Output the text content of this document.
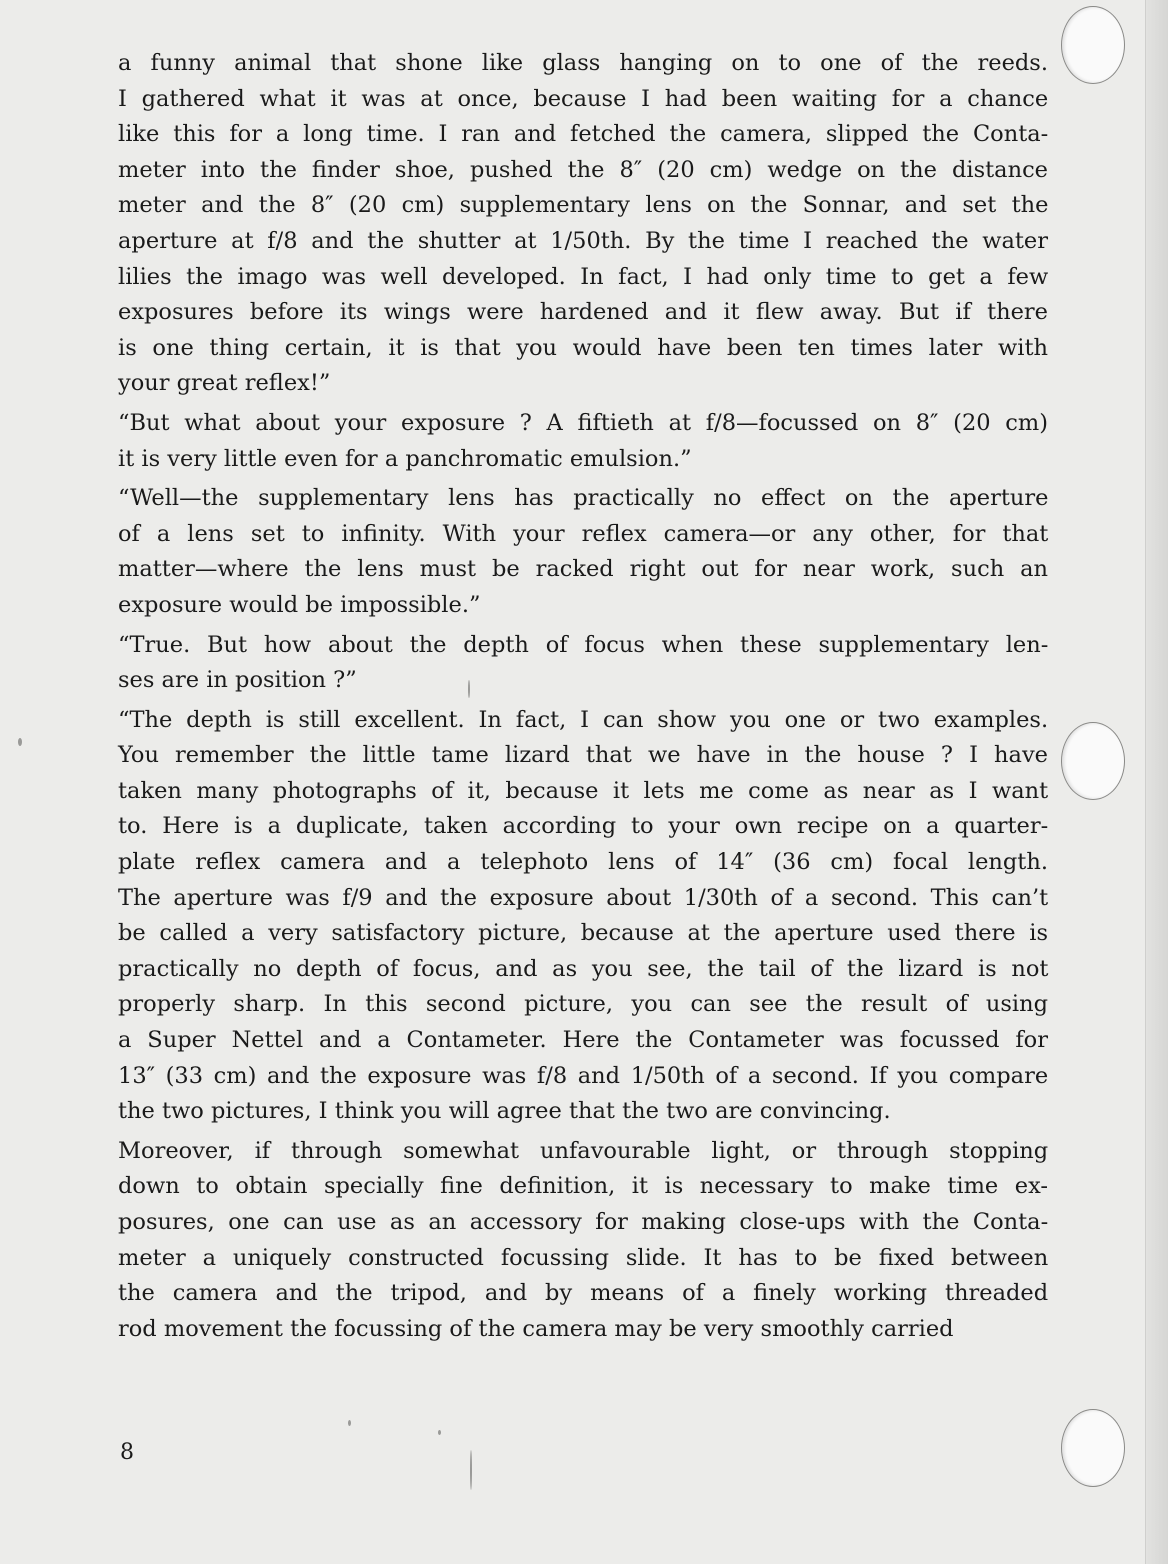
a funny animal that shone like glass hanging on to one of the reeds.
I gathered what it was at once, because I had been waiting for a chance
like this for a long time. I ran and fetched the camera, slipped the Conta-
meter into the finder shoe, pushed the 8″ (20 cm) wedge on the distance
meter and the 8″ (20 cm) supplementary lens on the Sonnar, and set the
aperture at f/8 and the shutter at 1/50th. By the time I reached the water
lilies the imago was well developed. In fact, I had only time to get a few
exposures before its wings were hardened and it flew away. But if there
is one thing certain, it is that you would have been ten times later with
your great reflex!”
“But what about your exposure ? A fiftieth at f/8—focussed on 8″ (20 cm)
it is very little even for a panchromatic emulsion.”
“Well—the supplementary lens has practically no effect on the aperture
of a lens set to infinity. With your reflex camera—or any other, for that
matter—where the lens must be racked right out for near work, such an
exposure would be impossible.”
“True. But how about the depth of focus when these supplementary len-
ses are in position ?”
“The depth is still excellent. In fact, I can show you one or two examples.
You remember the little tame lizard that we have in the house ? I have
taken many photographs of it, because it lets me come as near as I want
to. Here is a duplicate, taken according to your own recipe on a quarter-
plate reflex camera and a telephoto lens of 14″ (36 cm) focal length.
The aperture was f/9 and the exposure about 1/30th of a second. This can’t
be called a very satisfactory picture, because at the aperture used there is
practically no depth of focus, and as you see, the tail of the lizard is not
properly sharp. In this second picture, you can see the result of using
a Super Nettel and a Contameter. Here the Contameter was focussed for
13″ (33 cm) and the exposure was f/8 and 1/50th of a second. If you compare
the two pictures, I think you will agree that the two are convincing.
Moreover, if through somewhat unfavourable light, or through stopping
down to obtain specially fine definition, it is necessary to make time ex-
posures, one can use as an accessory for making close-ups with the Conta-
meter a uniquely constructed focussing slide. It has to be fixed between
the camera and the tripod, and by means of a finely working threaded
rod movement the focussing of the camera may be very smoothly carried
8
